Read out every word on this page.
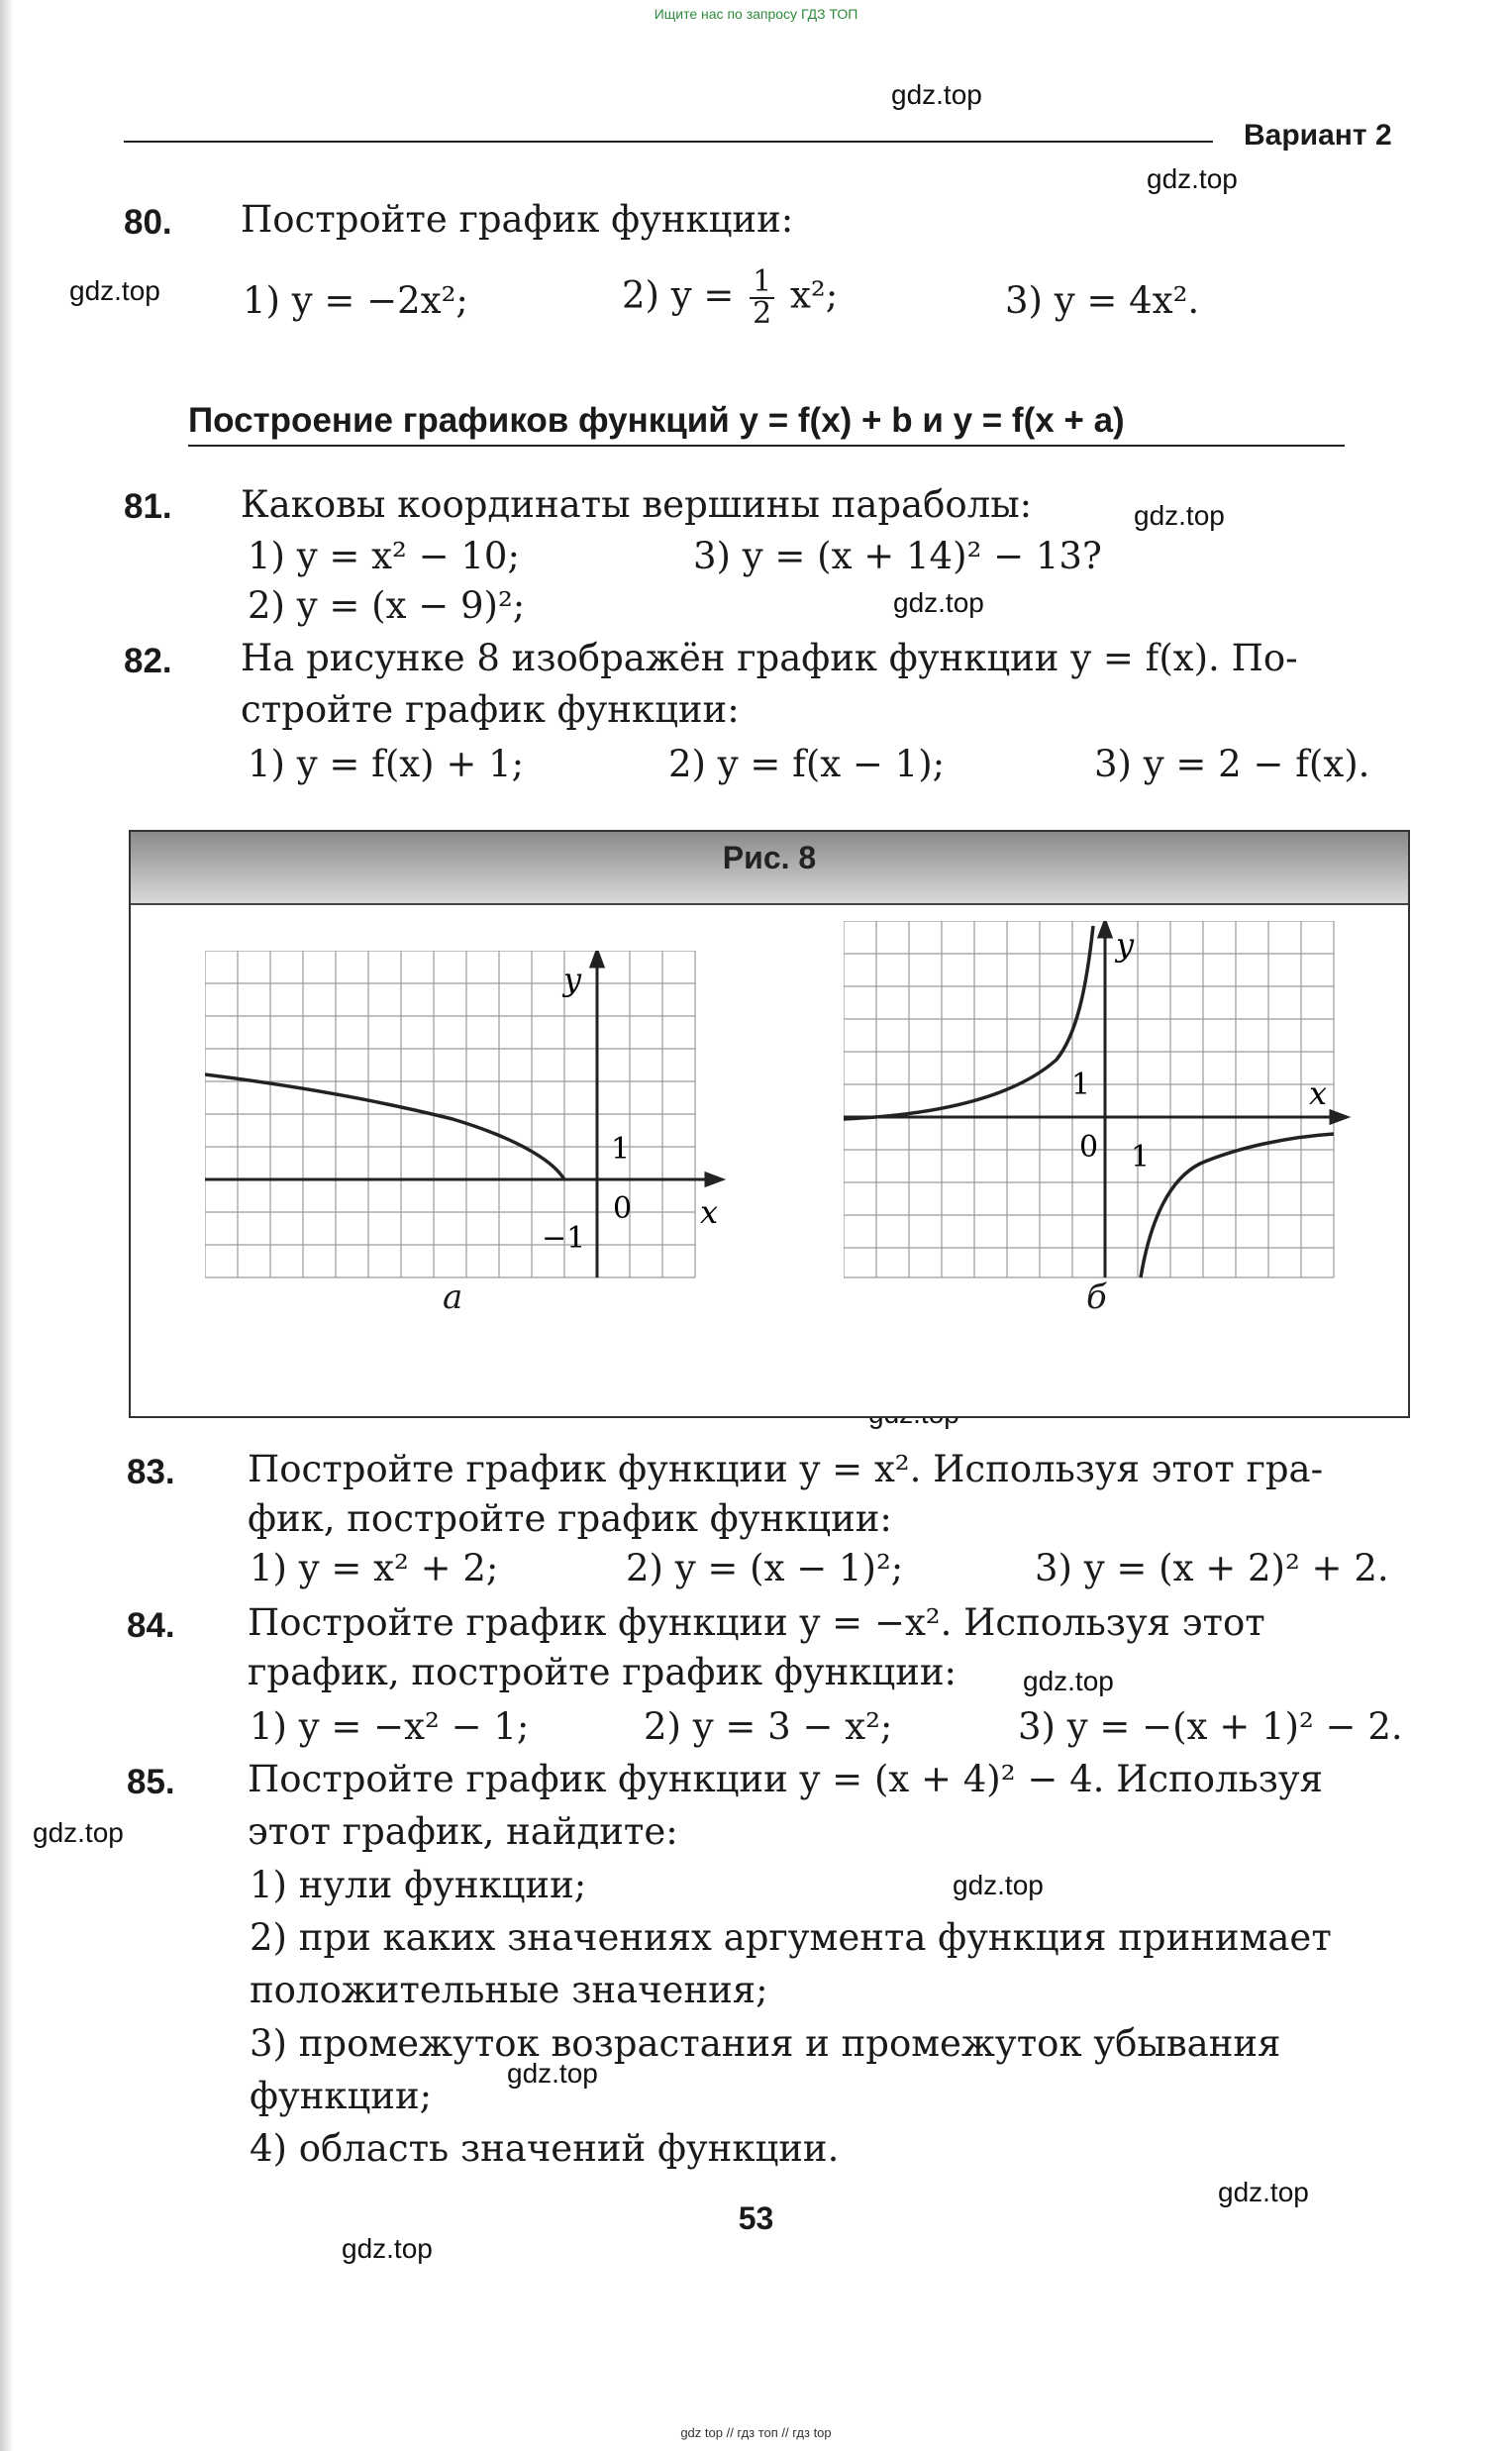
Ищите нас по запросу ГДЗ ТОП
gdz.top
gdz.top
gdz.top
gdz.top
gdz.top
gdz.top
gdz.top
gdz.top
gdz.top
gdz.top
gdz.top
Вариант 2
80. Постройте график функции:
1) y = −2x²;	2) $y = \frac{1}{2} x^2$;	3) y = 4x².
Построение графиков функций y = f(x) + b и y = f(x + a)
81. Каковы координаты вершины параболы:
1) y = x² − 10;	3) y = (x + 14)² − 13?
2) y = (x − 9)²;
82. На рисунке 8 изображён график функции y = f(x). По-
стройте график функции:
1) y = f(x) + 1;	2) y = f(x − 1);	3) y = 2 − f(x).
Рис. 8
y
x
1
0
−1
а
y
x
1
0 1
б
83. Постройте график функции y = x². Используя этот гра-
фик, постройте график функции:
1) y = x² + 2;	2) y = (x − 1)²;	3) y = (x + 2)² + 2.
84. Постройте график функции y = −x². Используя этот
график, постройте график функции:
1) y = −x² − 1;	2) y = 3 − x²;	3) y = −(x + 1)² − 2.
85. Постройте график функции y = (x + 4)² − 4. Используя
этот график, найдите:
1) нули функции;
2) при каких значениях аргумента функция принимает
положительные значения;
3) промежуток возрастания и промежуток убывания
функции;
4) область значений функции.
53
gdz top // гдз топ // гдз top
